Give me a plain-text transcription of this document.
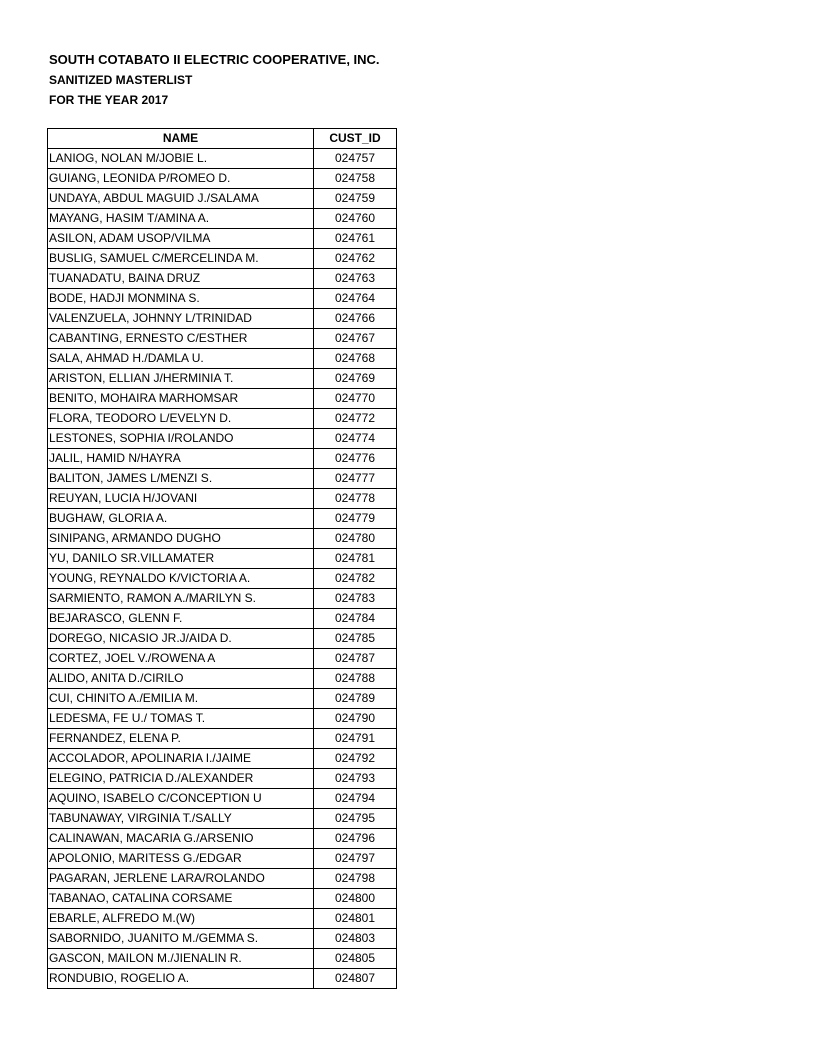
SOUTH COTABATO II ELECTRIC COOPERATIVE, INC.
SANITIZED MASTERLIST
FOR THE YEAR 2017
NAME	CUST_ID
LANIOG, NOLAN M/JOBIE L.	024757
GUIANG, LEONIDA P/ROMEO D.	024758
UNDAYA, ABDUL MAGUID J./SALAMA	024759
MAYANG, HASIM T/AMINA A.	024760
ASILON, ADAM USOP/VILMA	024761
BUSLIG, SAMUEL C/MERCELINDA M.	024762
TUANADATU, BAINA DRUZ	024763
BODE, HADJI MONMINA S.	024764
VALENZUELA, JOHNNY L/TRINIDAD	024766
CABANTING, ERNESTO C/ESTHER	024767
SALA, AHMAD H./DAMLA U.	024768
ARISTON, ELLIAN J/HERMINIA T.	024769
BENITO, MOHAIRA MARHOMSAR	024770
FLORA, TEODORO L/EVELYN D.	024772
LESTONES, SOPHIA I/ROLANDO	024774
JALIL, HAMID N/HAYRA	024776
BALITON, JAMES L/MENZI S.	024777
REUYAN, LUCIA H/JOVANI	024778
BUGHAW, GLORIA A.	024779
SINIPANG, ARMANDO DUGHO	024780
YU, DANILO SR.VILLAMATER	024781
YOUNG, REYNALDO K/VICTORIA A.	024782
SARMIENTO, RAMON A./MARILYN S.	024783
BEJARASCO, GLENN F.	024784
DOREGO, NICASIO JR.J/AIDA D.	024785
CORTEZ, JOEL V./ROWENA A	024787
ALIDO, ANITA D./CIRILO	024788
CUI, CHINITO A./EMILIA M.	024789
LEDESMA, FE U./ TOMAS T.	024790
FERNANDEZ, ELENA P.	024791
ACCOLADOR, APOLINARIA I./JAIME	024792
ELEGINO, PATRICIA D./ALEXANDER	024793
AQUINO, ISABELO C/CONCEPTION U	024794
TABUNAWAY, VIRGINIA T./SALLY	024795
CALINAWAN, MACARIA G./ARSENIO	024796
APOLONIO, MARITESS G./EDGAR	024797
PAGARAN, JERLENE LARA/ROLANDO	024798
TABANAO, CATALINA CORSAME	024800
EBARLE, ALFREDO M.(W)	024801
SABORNIDO, JUANITO M./GEMMA S.	024803
GASCON, MAILON M./JIENALIN R.	024805
RONDUBIO, ROGELIO A.	024807
